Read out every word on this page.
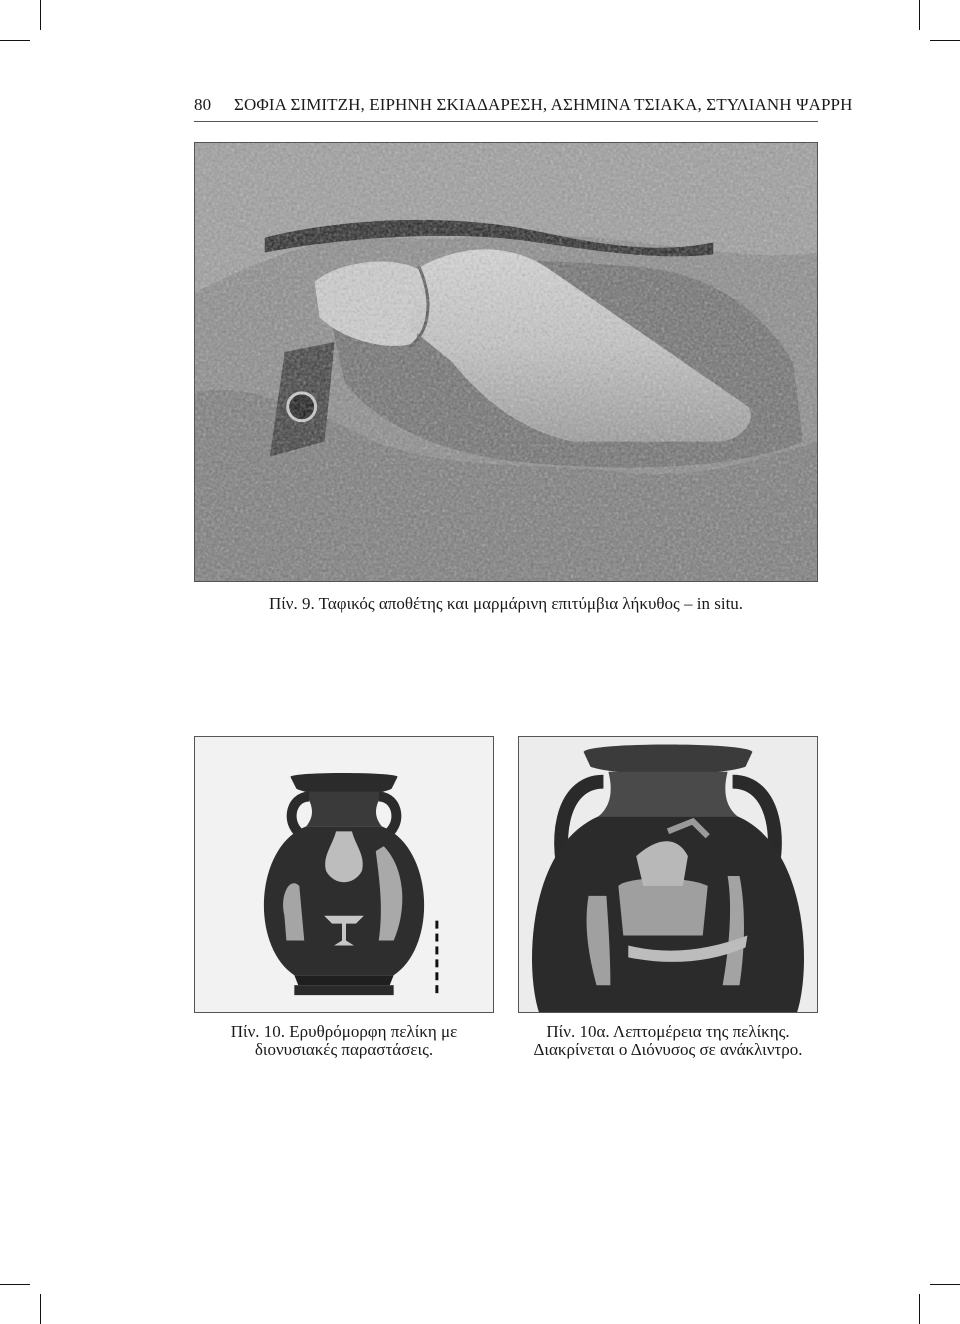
80 ΣΟΦΙΑ ΣΙΜΙΤΖΗ, ΕΙΡΗΝΗ ΣΚΙΑΔΑΡΕΣΗ, ΑΣΗΜΙΝΑ ΤΣΙΑΚΑ, ΣΤΥΛΙΑΝΗ ΨΑΡΡΗ
Πίν. 9. Ταφικός αποθέτης και μαρμάρινη επιτύμβια λήκυθος – in situ.
Πίν. 10. Ερυθρόμορφη πελίκη με
διονυσιακές παραστάσεις.
Πίν. 10α. Λεπτομέρεια της πελίκης.
Διακρίνεται ο Διόνυσος σε ανάκλιντρο.
